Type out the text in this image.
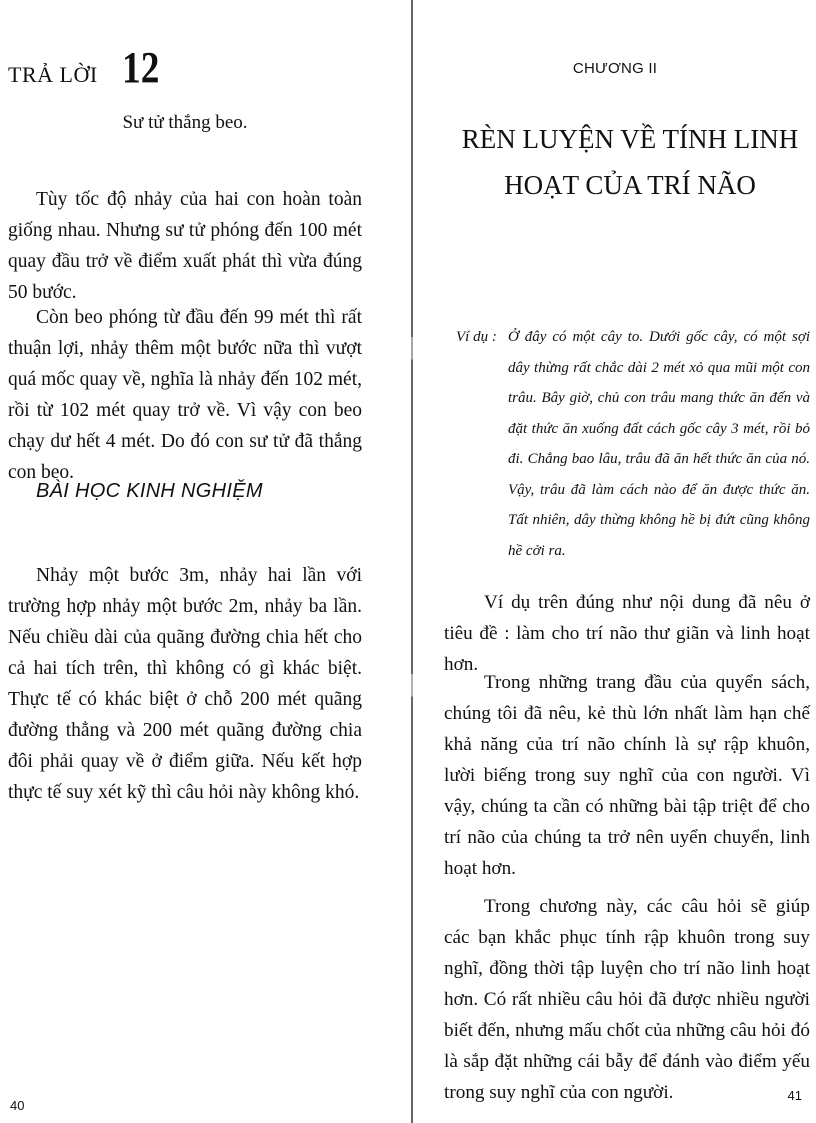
TRẢ LỜI 12
Sư tử thắng beo.

Tùy tốc độ nhảy của hai con hoàn toàn giống nhau. Nhưng sư tử phóng đến 100 mét quay đầu trở về điểm xuất phát thì vừa đúng 50 bước.

Còn beo phóng từ đầu đến 99 mét thì rất thuận lợi, nhảy thêm một bước nữa thì vượt quá mốc quay về, nghĩa là nhảy đến 102 mét, rồi từ 102 mét quay trở về. Vì vậy con beo chạy dư hết 4 mét. Do đó con sư tử đã thắng con beo.

BÀI HỌC KINH NGHIỆM

Nhảy một bước 3m, nhảy hai lần với trường hợp nhảy một bước 2m, nhảy ba lần. Nếu chiều dài của quãng đường chia hết cho cả hai tích trên, thì không có gì khác biệt. Thực tế có khác biệt ở chỗ 200 mét quãng đường thẳng và 200 mét quãng đường chia đôi phải quay về ở điểm giữa. Nếu kết hợp thực tế suy xét kỹ thì câu hỏi này không khó.

40
CHƯƠNG II
RÈN LUYỆN VỀ TÍNH LINH HOẠT CỦA TRÍ NÃO
Ví dụ : Ở đây có một cây to. Dưới gốc cây, có một sợi dây thừng rất chắc dài 2 mét xỏ qua mũi một con trâu. Bây giờ, chủ con trâu mang thức ăn đến và đặt thức ăn xuống đất cách gốc cây 3 mét, rồi bỏ đi. Chẳng bao lâu, trâu đã ăn hết thức ăn của nó. Vậy, trâu đã làm cách nào để ăn được thức ăn. Tất nhiên, dây thừng không hề bị đứt cũng không hề cởi ra.

Ví dụ trên đúng như nội dung đã nêu ở tiêu đề : làm cho trí não thư giãn và linh hoạt hơn.

Trong những trang đầu của quyển sách, chúng tôi đã nêu, kẻ thù lớn nhất làm hạn chế khả năng của trí não chính là sự rập khuôn, lười biếng trong suy nghĩ của con người. Vì vậy, chúng ta cần có những bài tập triệt để cho trí não của chúng ta trở nên uyển chuyển, linh hoạt hơn.

Trong chương này, các câu hỏi sẽ giúp các bạn khắc phục tính rập khuôn trong suy nghĩ, đồng thời tập luyện cho trí não linh hoạt hơn. Có rất nhiều câu hỏi đã được nhiều người biết đến, nhưng mấu chốt của những câu hỏi đó là sắp đặt những cái bẫy để đánh vào điểm yếu trong suy nghĩ của con người.	41
